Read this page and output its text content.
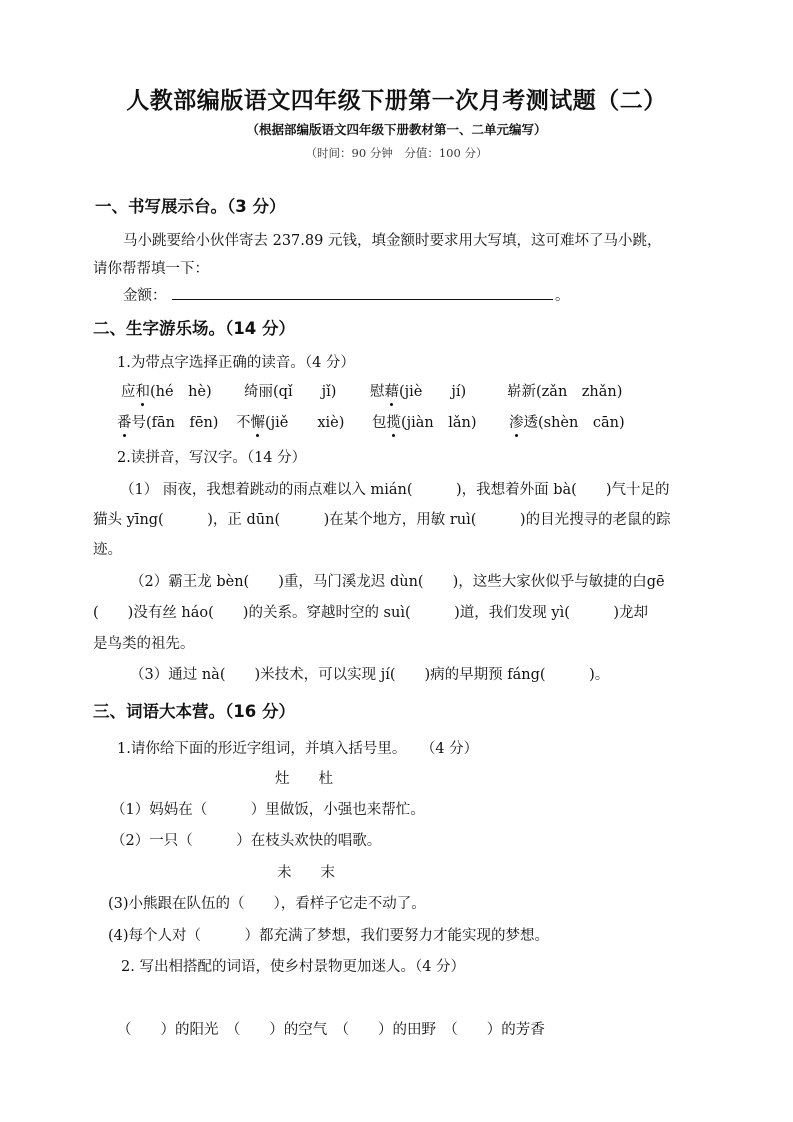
人教部编版语文四年级下册第一次月考测试题（二）
（根据部编版语文四年级下册教材第一、二单元编写）
（时间：90 分钟　分值：100 分）
一、书写展示台。（3 分）
马小跳要给小伙伴寄去 237.89 元钱，填金额时要求用大写填，这可难坏了马小跳，
请你帮帮填一下：
金额：	。
二、生字游乐场。（14 分）
1.为带点字选择正确的读音。（4 分）
应和(hé　hè) 绮丽(qǐ　　jǐ) 慰藉(jiè　　jí)	崭新(zǎn　zhǎn)
番号(fān　fēn) 不懈(jiě　　xiè) 包揽(jiàn　lǎn) 渗透(shèn　cān)
2.读拼音，写汉字。（14 分）
（1） 雨夜，我想着跳动的雨点难以入 mián(　　　)，我想着外面 bà(　　)气十足的
猫头 yīng(　　　)，正 dūn(　　　)在某个地方，用敏 ruì(　　　)的目光搜寻的老鼠的踪
迹。
（2）霸王龙 bèn(　　)重，马门溪龙迟 dùn(　　)，这些大家伙似乎与敏捷的白gē
(　　)没有丝 háo(　　)的关系。穿越时空的 suì(　　　)道，我们发现 yì(　　　)龙却
是鸟类的祖先。
（3）通过 nà(　　)米技术，可以实现 jí(　　)病的早期预 fáng(　　　)。
三、词语大本营。（16 分）
1.请你给下面的形近字组词，并填入括号里。　　（4 分）
灶　　杜
（1）妈妈在（　　　）里做饭，小强也来帮忙。
（2）一只（　　　）在枝头欢快的唱歌。
未　　末
(3)小熊跟在队伍的（　　），看样子它走不动了。
(4)每个人对（　　　）都充满了梦想，我们要努力才能实现的梦想。
2. 写出相搭配的词语，使乡村景物更加迷人。（4 分）
（　　）的阳光　（　　）的空气　（　　）的田野　（　　）的芳香
